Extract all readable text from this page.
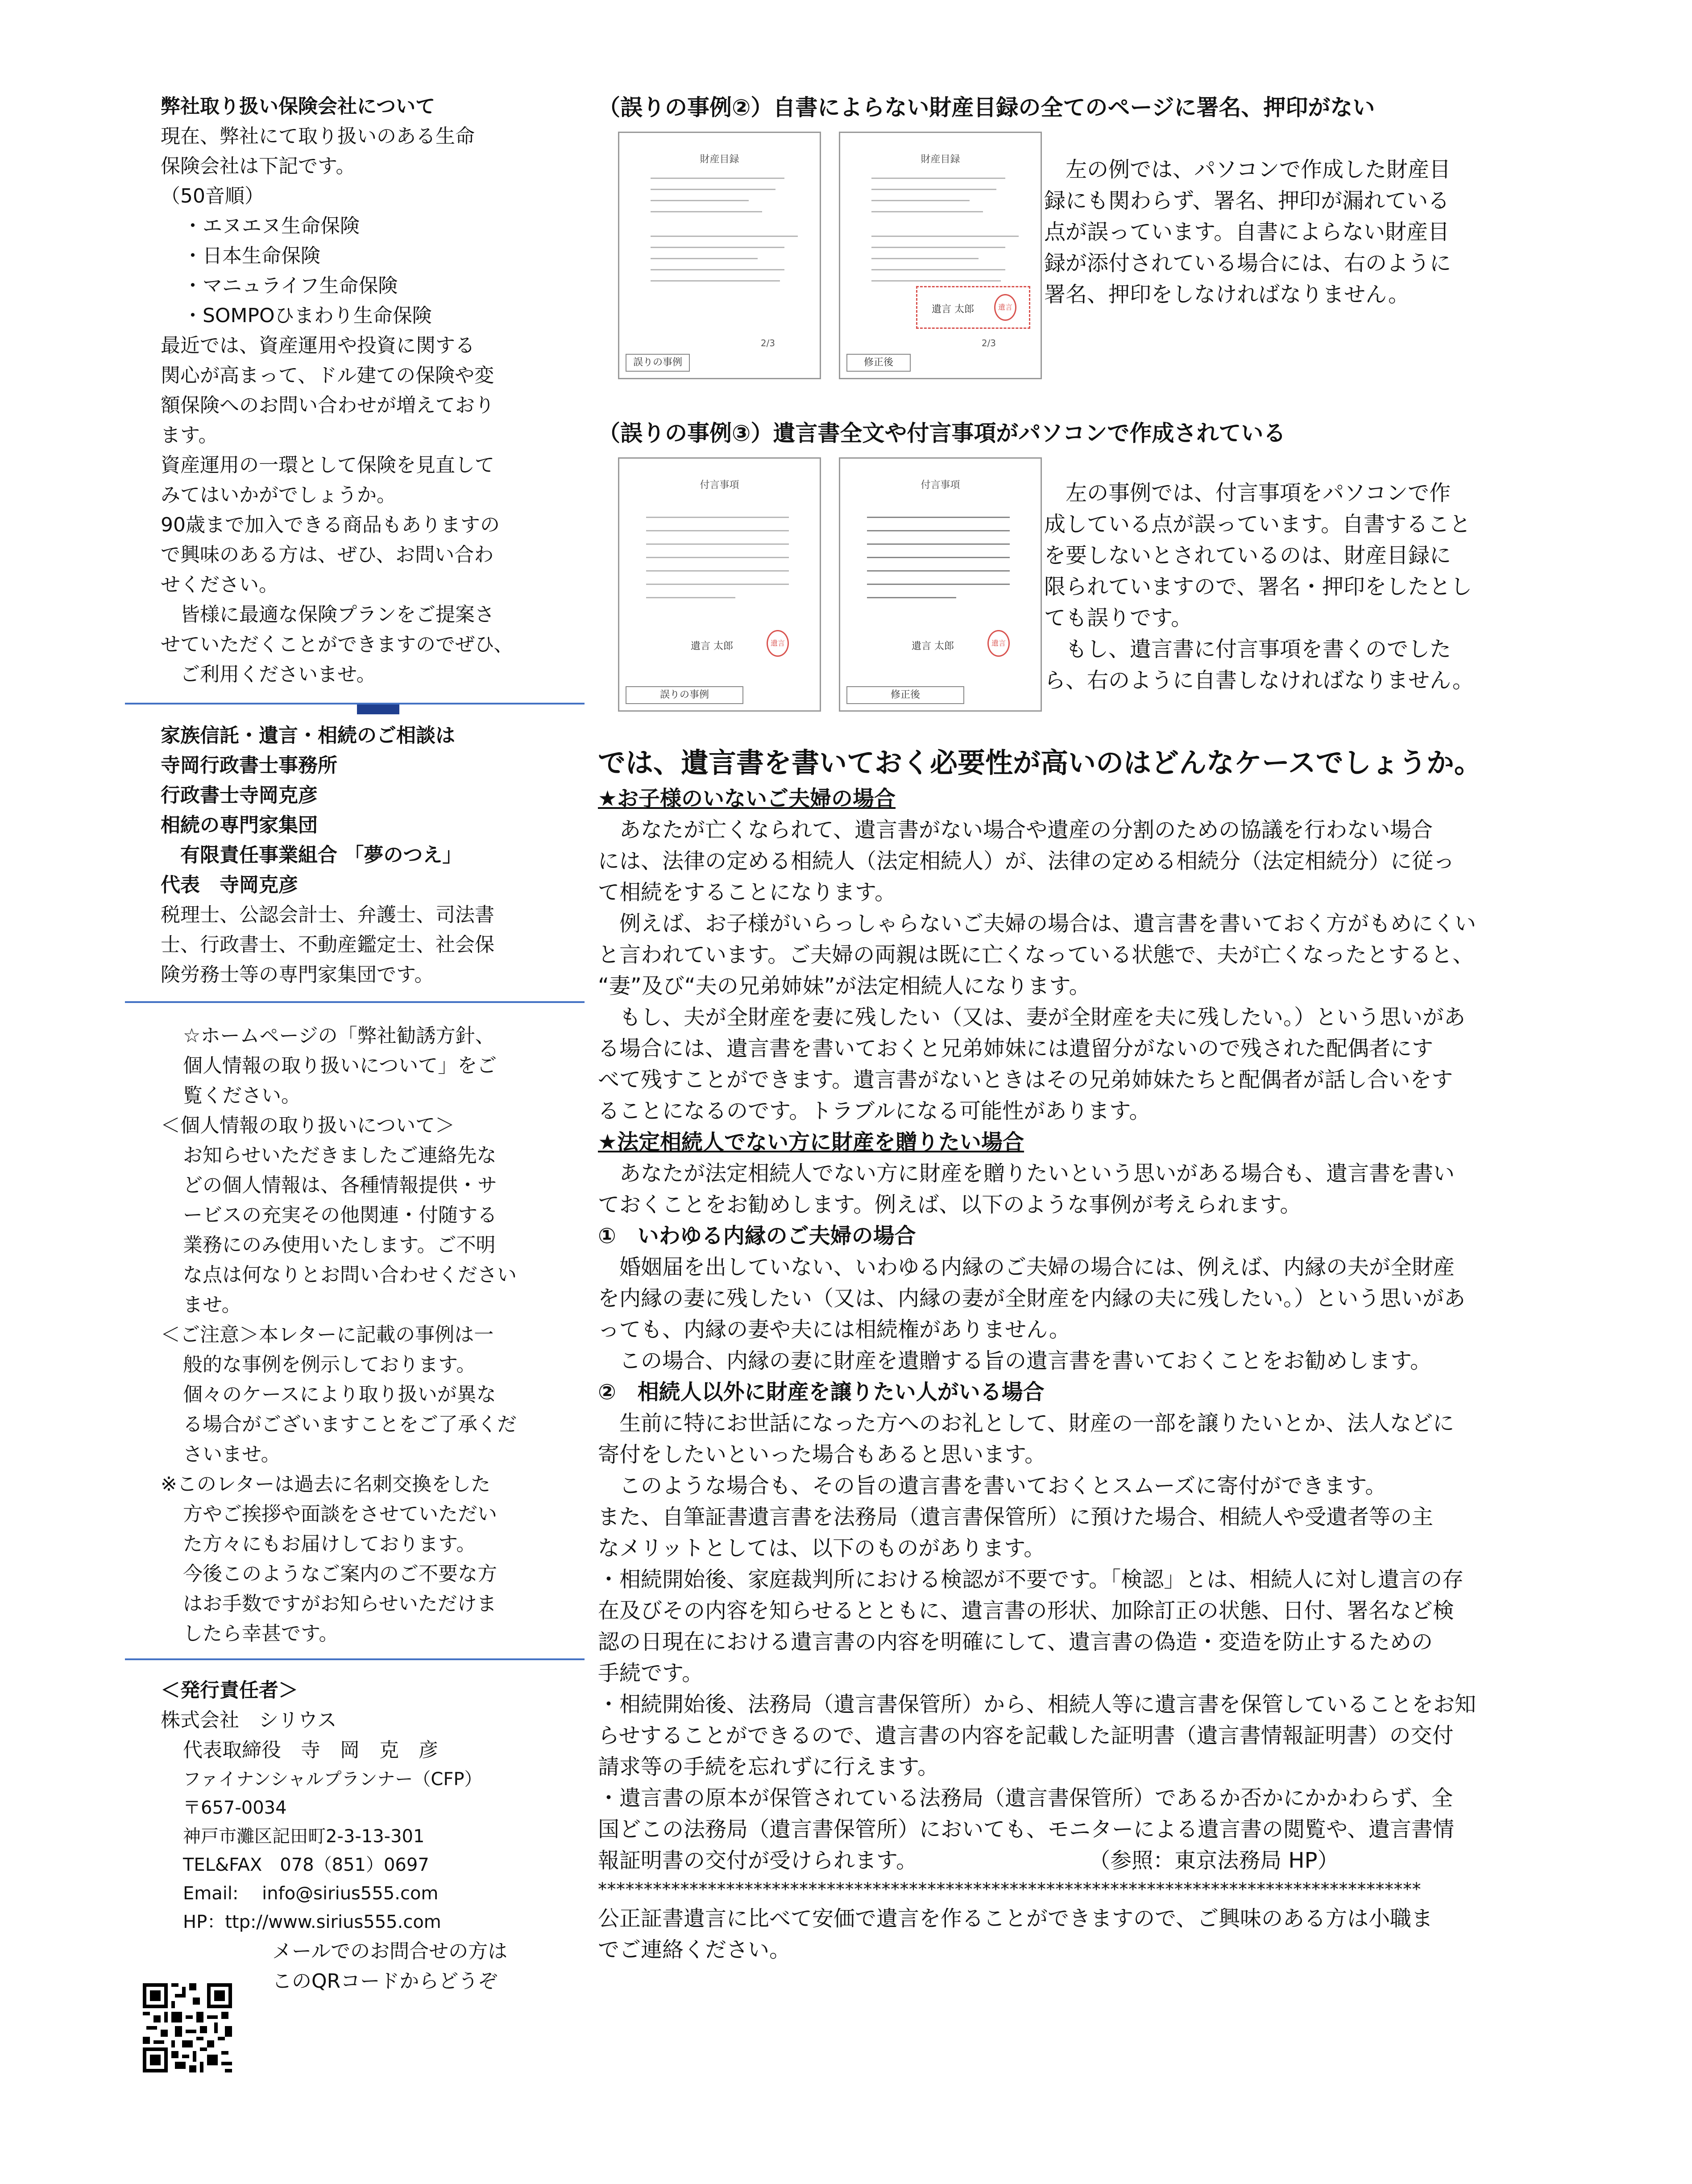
弊社取り扱い保険会社について
現在、弊社にて取り扱いのある生命
保険会社は下記です。
（50音順）
・エヌエヌ生命保険
・日本生命保険
・マニュライフ生命保険
・SOMPOひまわり生命保険
最近では、資産運用や投資に関する
関心が高まって、ドル建ての保険や変
額保険へのお問い合わせが増えており
ます。
資産運用の一環として保険を見直して
みてはいかがでしょうか。
90歳まで加入できる商品もありますの
で興味のある方は、ぜひ、お問い合わ
せください。
　皆様に最適な保険プランをご提案さ
せていただくことができますのでぜひ、
　ご利用くださいませ。
家族信託・遺言・相続のご相談は
寺岡行政書士事務所
行政書士寺岡克彦
相続の専門家集団
　有限責任事業組合 「夢のつえ」
代表　寺岡克彦
税理士、公認会計士、弁護士、司法書
士、行政書士、不動産鑑定士、社会保
険労務士等の専門家集団です。
☆ホームページの「弊社勧誘方針、
個人情報の取り扱いについて」をご
覧ください。
＜個人情報の取り扱いについて＞
お知らせいただきましたご連絡先な
どの個人情報は、各種情報提供・サ
ービスの充実その他関連・付随する
業務にのみ使用いたします。ご不明
な点は何なりとお問い合わせください
ませ。
＜ご注意＞本レターに記載の事例は一
般的な事例を例示しております。
個々のケースにより取り扱いが異な
る場合がございますことをご了承くだ
さいませ。
※このレターは過去に名刺交換をした
方やご挨拶や面談をさせていただい
た方々にもお届けしております。
今後このようなご案内のご不要な方
はお手数ですがお知らせいただけま
したら幸甚です。
＜発行責任者＞
株式会社　シリウス
代表取締役　寺　岡　克　彦
ファイナンシャルプランナー（CFP）
〒657-0034
神戸市灘区記田町2-3-13-301
TEL&FAX　078（851）0697
Email:　 info@sirius555.com
HP：ttp://www.sirius555.com
メールでのお問合せの方は
このQRコードからどうぞ
（誤りの事例②）自書によらない財産目録の全てのページに署名、押印がない
財産目録
2/3
誤りの事例
財産目録
遺言 太郎	遺言
2/3
修正後
　左の例では、パソコンで作成した財産目
録にも関わらず、署名、押印が漏れている
点が誤っています。自書によらない財産目
録が添付されている場合には、右のように
署名、押印をしなければなりません。
（誤りの事例③）遺言書全文や付言事項がパソコンで作成されている
付言事項
遺言 太郎	遺言
誤りの事例
付言事項
遺言 太郎	遺言
修正後
　左の事例では、付言事項をパソコンで作
成している点が誤っています。自書すること
を要しないとされているのは、財産目録に
限られていますので、署名・押印をしたとし
ても誤りです。
　もし、遺言書に付言事項を書くのでした
ら、右のように自書しなければなりません。
では、遺言書を書いておく必要性が高いのはどんなケースでしょうか。
★お子様のいないご夫婦の場合
　あなたが亡くなられて、遺言書がない場合や遺産の分割のための協議を行わない場合
には、法律の定める相続人（法定相続人）が、法律の定める相続分（法定相続分）に従っ
て相続をすることになります。
　例えば、お子様がいらっしゃらないご夫婦の場合は、遺言書を書いておく方がもめにくい
と言われています。ご夫婦の両親は既に亡くなっている状態で、夫が亡くなったとすると、
“妻”及び“夫の兄弟姉妹”が法定相続人になります。
　もし、夫が全財産を妻に残したい（又は、妻が全財産を夫に残したい。）という思いがあ
る場合には、遺言書を書いておくと兄弟姉妹には遺留分がないので残された配偶者にす
べて残すことができます。遺言書がないときはその兄弟姉妹たちと配偶者が話し合いをす
ることになるのです。トラブルになる可能性があります。
★法定相続人でない方に財産を贈りたい場合
　あなたが法定相続人でない方に財産を贈りたいという思いがある場合も、遺言書を書い
ておくことをお勧めします。例えば、以下のような事例が考えられます。
①　いわゆる内縁のご夫婦の場合
　婚姻届を出していない、いわゆる内縁のご夫婦の場合には、例えば、内縁の夫が全財産
を内縁の妻に残したい（又は、内縁の妻が全財産を内縁の夫に残したい。）という思いがあ
っても、内縁の妻や夫には相続権がありません。
　この場合、内縁の妻に財産を遺贈する旨の遺言書を書いておくことをお勧めします。
②　相続人以外に財産を譲りたい人がいる場合
　生前に特にお世話になった方へのお礼として、財産の一部を譲りたいとか、法人などに
寄付をしたいといった場合もあると思います。
　このような場合も、その旨の遺言書を書いておくとスムーズに寄付ができます。
また、自筆証書遺言書を法務局（遺言書保管所）に預けた場合、相続人や受遺者等の主
なメリットとしては、以下のものがあります。
・相続開始後、家庭裁判所における検認が不要です。「検認」とは、相続人に対し遺言の存
在及びその内容を知らせるとともに、遺言書の形状、加除訂正の状態、日付、署名など検
認の日現在における遺言書の内容を明確にして、遺言書の偽造・変造を防止するための
手続です。
・相続開始後、法務局（遺言書保管所）から、相続人等に遺言書を保管していることをお知
らせすることができるので、遺言書の内容を記載した証明書（遺言書情報証明書）の交付
請求等の手続を忘れずに行えます。
・遺言書の原本が保管されている法務局（遺言書保管所）であるか否かにかかわらず、全
国どこの法務局（遺言書保管所）においても、モニターによる遺言書の閲覧や、遺言書情
報証明書の交付が受けられます。　　　　　　　　　（参照：東京法務局 HP）
******************************************************************************************
公正証書遺言に比べて安価で遺言を作ることができますので、ご興味のある方は小職ま
でご連絡ください。
